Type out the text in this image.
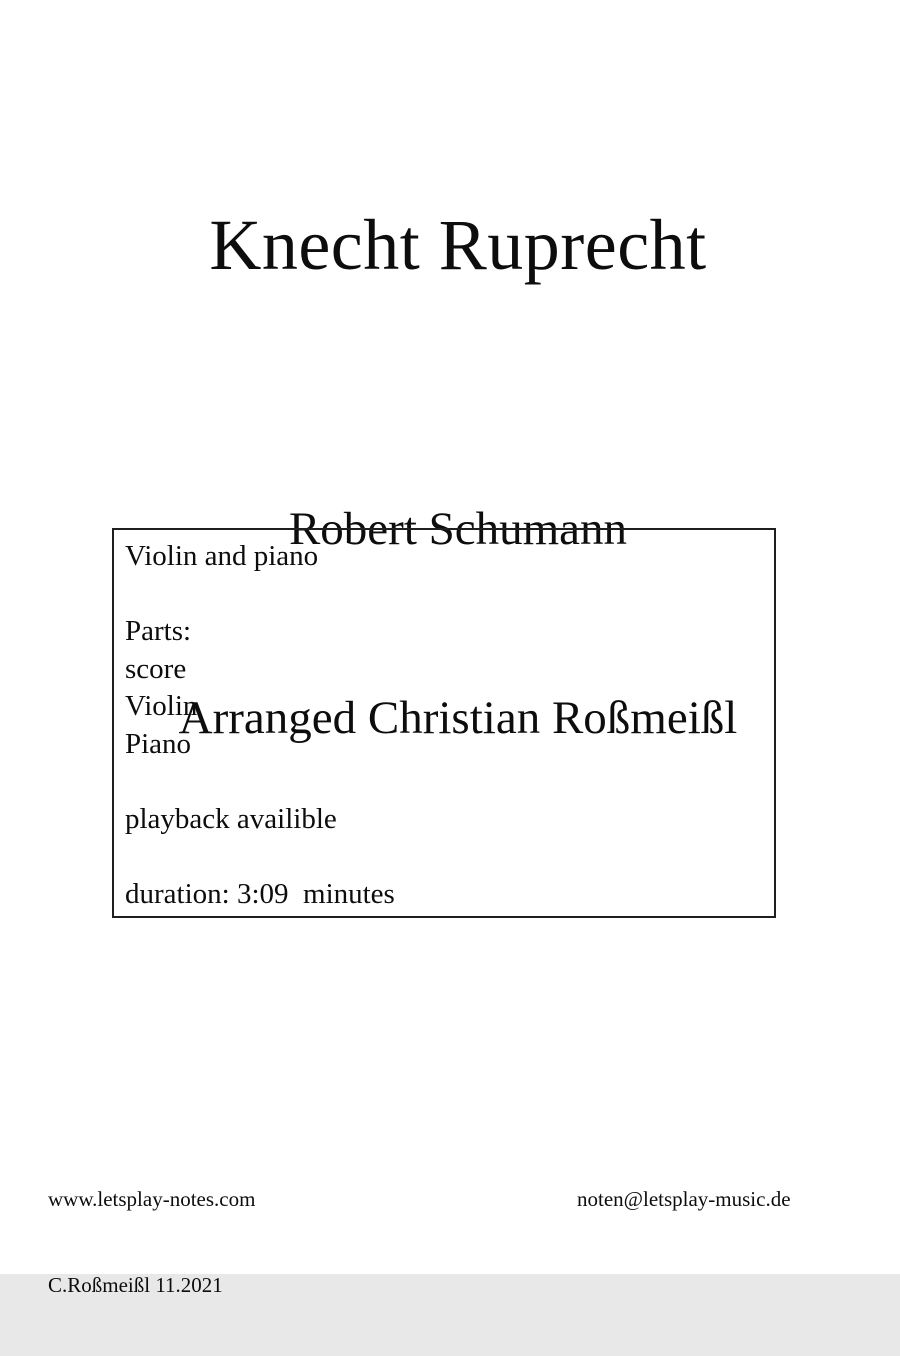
Knecht Ruprecht

Robert Schumann

Arranged Christian Roßmeißl

Violin and piano
Parts:
score
Violin
Piano
playback availible
duration: 3:09  minutes

www.letsplay-notes.com

C.Roßmeißl 11.2021

noten@letsplay-music.de
